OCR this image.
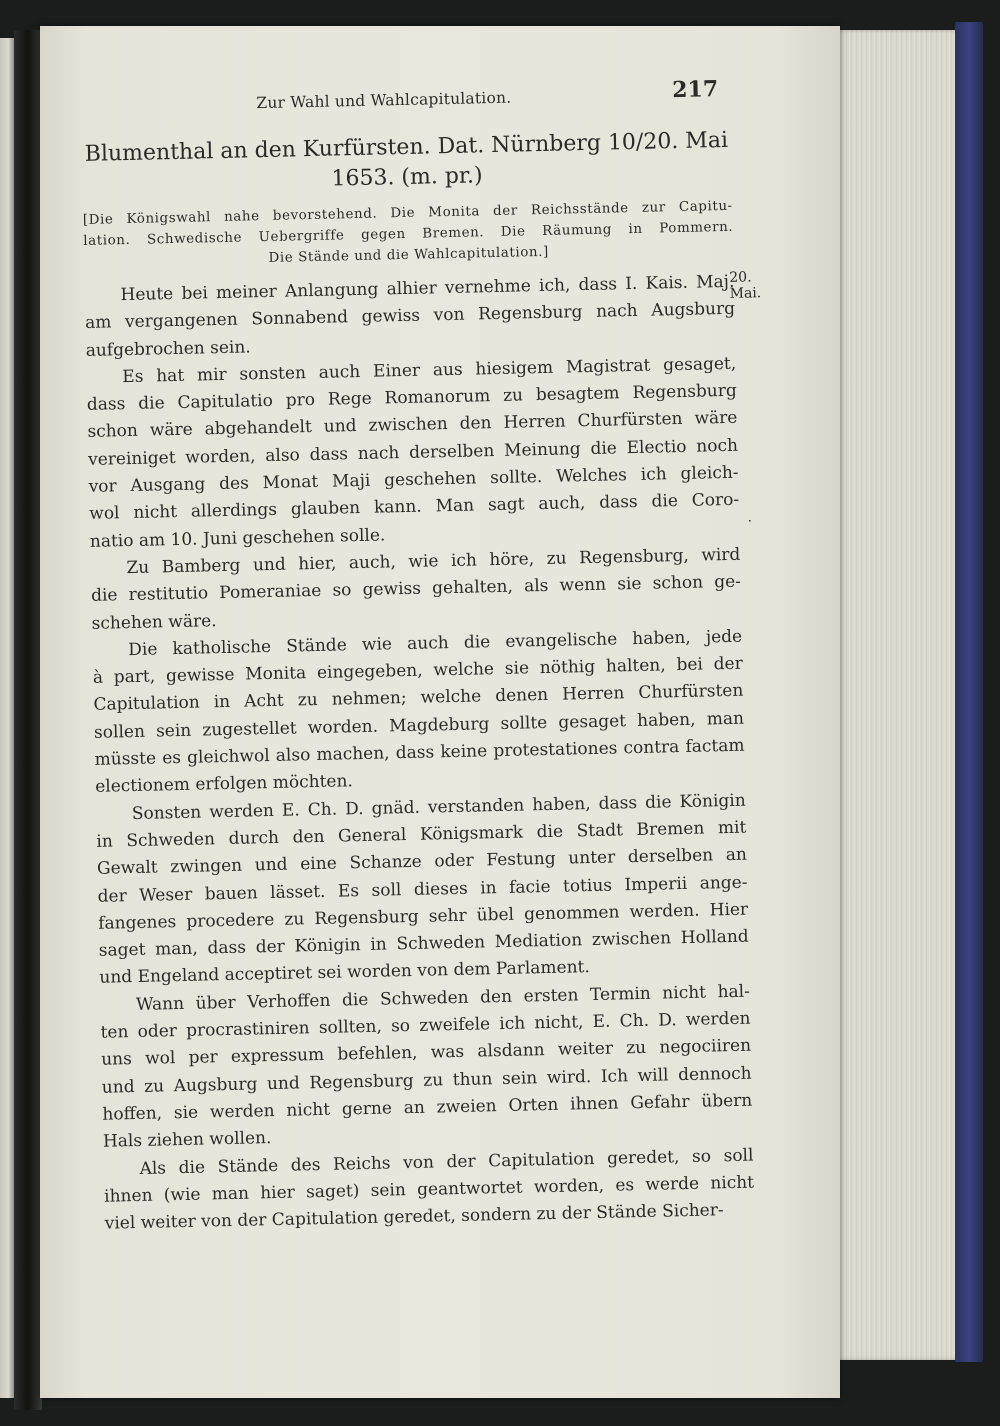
Zur Wahl und Wahlcapitulation.	217
Blumenthal an den Kurfürsten. Dat. Nürnberg 10/20. Mai
1653. (m. pr.)
[Die Königswahl nahe bevorstehend. Die Monita der Reichsstände zur Capitu-
lation. Schwedische Uebergriffe gegen Bremen. Die Räumung in Pommern.
Die Stände und die Wahlcapitulation.]
Heute bei meiner Anlangung alhier vernehme ich, dass I. Kais. Maj.
am vergangenen Sonnabend gewiss von Regensburg nach Augsburg
aufgebrochen sein.
Es hat mir sonsten auch Einer aus hiesigem Magistrat gesaget,
dass die Capitulatio pro Rege Romanorum zu besagtem Regensburg
schon wäre abgehandelt und zwischen den Herren Churfürsten wäre
vereiniget worden, also dass nach derselben Meinung die Electio noch
vor Ausgang des Monat Maji geschehen sollte. Welches ich gleich-
wol nicht allerdings glauben kann. Man sagt auch, dass die Coro-
natio am 10. Juni geschehen solle.
Zu Bamberg und hier, auch, wie ich höre, zu Regensburg, wird
die restitutio Pomeraniae so gewiss gehalten, als wenn sie schon ge-
schehen wäre.
Die katholische Stände wie auch die evangelische haben, jede
à part, gewisse Monita eingegeben, welche sie nöthig halten, bei der
Capitulation in Acht zu nehmen; welche denen Herren Churfürsten
sollen sein zugestellet worden. Magdeburg sollte gesaget haben, man
müsste es gleichwol also machen, dass keine protestationes contra factam
electionem erfolgen möchten.
Sonsten werden E. Ch. D. gnäd. verstanden haben, dass die Königin
in Schweden durch den General Königsmark die Stadt Bremen mit
Gewalt zwingen und eine Schanze oder Festung unter derselben an
der Weser bauen lässet. Es soll dieses in facie totius Imperii ange-
fangenes procedere zu Regensburg sehr übel genommen werden. Hier
saget man, dass der Königin in Schweden Mediation zwischen Holland
und Engeland acceptiret sei worden von dem Parlament.
Wann über Verhoffen die Schweden den ersten Termin nicht hal-
ten oder procrastiniren sollten, so zweifele ich nicht, E. Ch. D. werden
uns wol per expressum befehlen, was alsdann weiter zu negociiren
und zu Augsburg und Regensburg zu thun sein wird. Ich will dennoch
hoffen, sie werden nicht gerne an zweien Orten ihnen Gefahr übern
Hals ziehen wollen.
Als die Stände des Reichs von der Capitulation geredet, so soll
ihnen (wie man hier saget) sein geantwortet worden, es werde nicht
viel weiter von der Capitulation geredet, sondern zu der Stände Sicher-
20. Mai.
.
